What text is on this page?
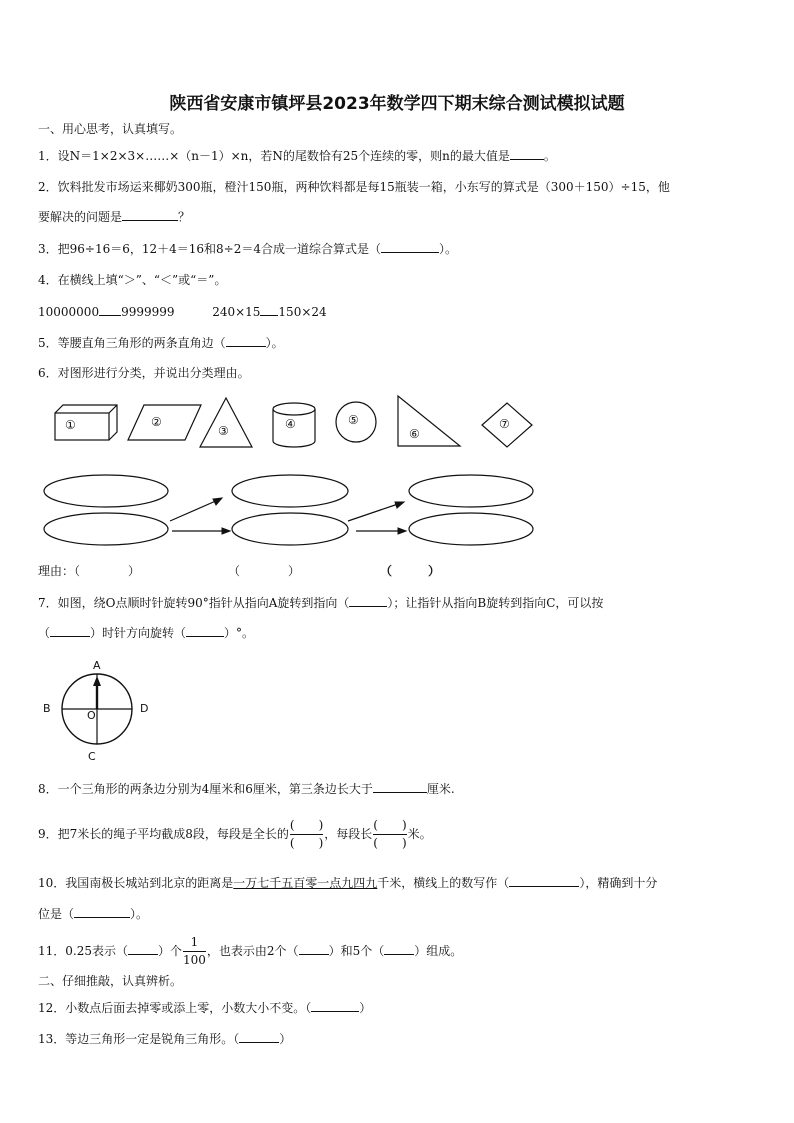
陕西省安康市镇坪县2023年数学四下期末综合测试模拟试题
一、用心思考，认真填写。
1．设N＝1×2×3×……×（n－1）×n，若N的尾数恰有25个连续的零，则n的最大值是	。
2．饮料批发市场运来椰奶300瓶，橙汁150瓶，两种饮料都是每15瓶装一箱，小东写的算式是（300＋150）÷15，他
要解决的问题是	？
3．把96÷16＝6，12＋4＝16和8÷2＝4合成一道综合算式是（	）。
4．在横线上填“＞”、“＜”或“＝”。
10000000 9999999	240×15 150×24
5．等腰直角三角形的两条直角边（	）。
6．对图形进行分类，并说出分类理由。
①	②
③	④	⑤
⑥
⑦
理由：（　　　　）	（　　　　）	（　　　）
7．如图，绕O点顺时针旋转90°指针从指向A旋转到指向（	）；让指针从指向B旋转到指向C，可以按
（	）时针方向旋转（	）°。
A
B
C
D
O
8．一个三角形的两条边分别为4厘米和6厘米，第三条边长大于	厘米.
9．把7米长的绳子平均截成8段，每段是全长的 $\frac{( )}{( )}$ ，每段长 $\frac{( )}{( )}$ 米。
10．我国南极长城站到北京的距离是一万七千五百零一点九四九千米，横线上的数写作（	），精确到十分
位是（	）。
11．0.25表示（	）个 $\frac{1}{100}$ ，也表示由2个（	）和5个（	）组成。
二、仔细推敲，认真辨析。
12．小数点后面去掉零或添上零，小数大小不变。（	）
13．等边三角形一定是锐角三角形。（	）
